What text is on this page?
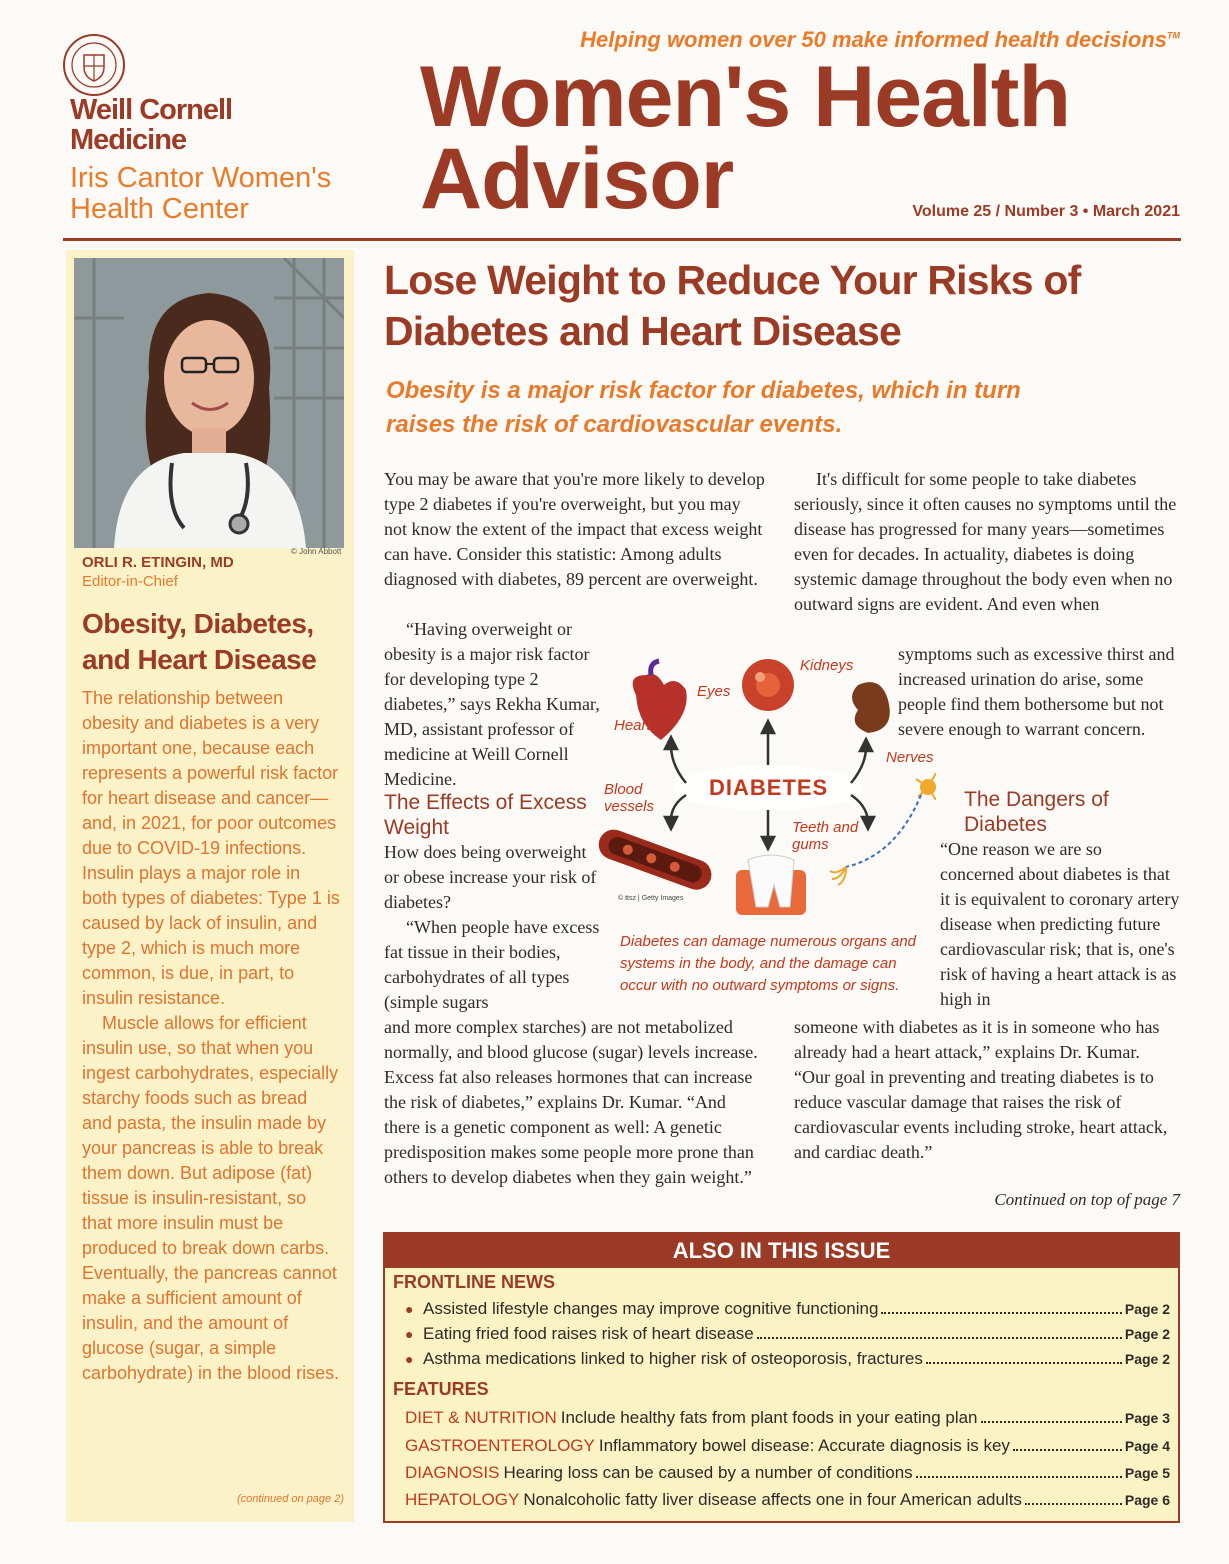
Weill Cornell Medicine
Iris Cantor Women's Health Center
Helping women over 50 make informed health decisions™
Women's Health
Advisor	Volume 25 / Number 3 • March 2021
© John Abbott
ORLI R. ETINGIN, MD
Editor-in-Chief
Obesity, Diabetes, and Heart Disease

The relationship between obesity and diabetes is a very important one, because each represents a powerful risk factor for heart disease and cancer—and, in 2021, for poor outcomes due to COVID-19 infections. Insulin plays a major role in both types of diabetes: Type 1 is caused by lack of insulin, and type 2, which is much more common, is due, in part, to insulin resistance.

Muscle allows for efficient insulin use, so that when you ingest carbohydrates, especially starchy foods such as bread and pasta, the insulin made by your pancreas is able to break them down. But adipose (fat) tissue is insulin-resistant, so that more insulin must be produced to break down carbs. Eventually, the pancreas cannot make a sufficient amount of insulin, and the amount of glucose (sugar, a simple carbohydrate) in the blood rises.

(continued on page 2)
Lose Weight to Reduce Your Risks of Diabetes and Heart Disease
Obesity is a major risk factor for diabetes, which in turn raises the risk of cardiovascular events.

You may be aware that you're more likely to develop type 2 diabetes if you're overweight, but you may not know the extent of the impact that excess weight can have. Consider this statistic: Among adults diagnosed with diabetes, 89 percent are overweight.

“Having overweight or obesity is a major risk factor for developing type 2 diabetes,” says Rekha Kumar, MD, assistant professor of medicine at Weill Cornell Medicine.

The Effects of Excess Weight

How does being overweight or obese increase your risk of diabetes?

“When people have excess fat tissue in their bodies, carbohydrates of all types (simple sugars

and more complex starches) are not metabolized normally, and blood glucose (sugar) levels increase. Excess fat also releases hormones that can increase the risk of diabetes,” explains Dr. Kumar. “And there is a genetic component as well: A genetic predisposition makes some people more prone than others to develop diabetes when they gain weight.”

It's difficult for some people to take diabetes seriously, since it often causes no symptoms until the disease has progressed for many years—sometimes even for decades. In actuality, diabetes is doing systemic damage throughout the body even when no outward signs are evident. And even when

symptoms such as excessive thirst and increased urination do arise, some people find them bothersome but not severe enough to warrant concern.

The Dangers of Diabetes

“One reason we are so concerned about diabetes is that it is equivalent to coronary artery disease when predicting future cardiovascular risk; that is, one's risk of having a heart attack is as high in

someone with diabetes as it is in someone who has already had a heart attack,” explains Dr. Kumar. “Our goal in preventing and treating diabetes is to reduce vascular damage that raises the risk of cardiovascular events including stroke, heart attack, and cardiac death.”

DIABETES
Heart
Eyes
Kidneys
Nerves
Blood vessels
Teeth and gums
© ttsz | Getty Images
Diabetes can damage numerous organs and systems in the body, and the damage can occur with no outward symptoms or signs.
Continued on top of page 7
ALSO IN THIS ISSUE
FRONTLINE NEWS
● Assisted lifestyle changes may improve cognitive functioning	Page 2
● Eating fried food raises risk of heart disease	Page 2
● Asthma medications linked to higher risk of osteoporosis, fractures	Page 2
FEATURES
DIET & NUTRITION Include healthy fats from plant foods in your eating plan	Page 3
GASTROENTEROLOGY Inflammatory bowel disease: Accurate diagnosis is key	Page 4
DIAGNOSIS Hearing loss can be caused by a number of conditions	Page 5
HEPATOLOGY Nonalcoholic fatty liver disease affects one in four American adults	Page 6
